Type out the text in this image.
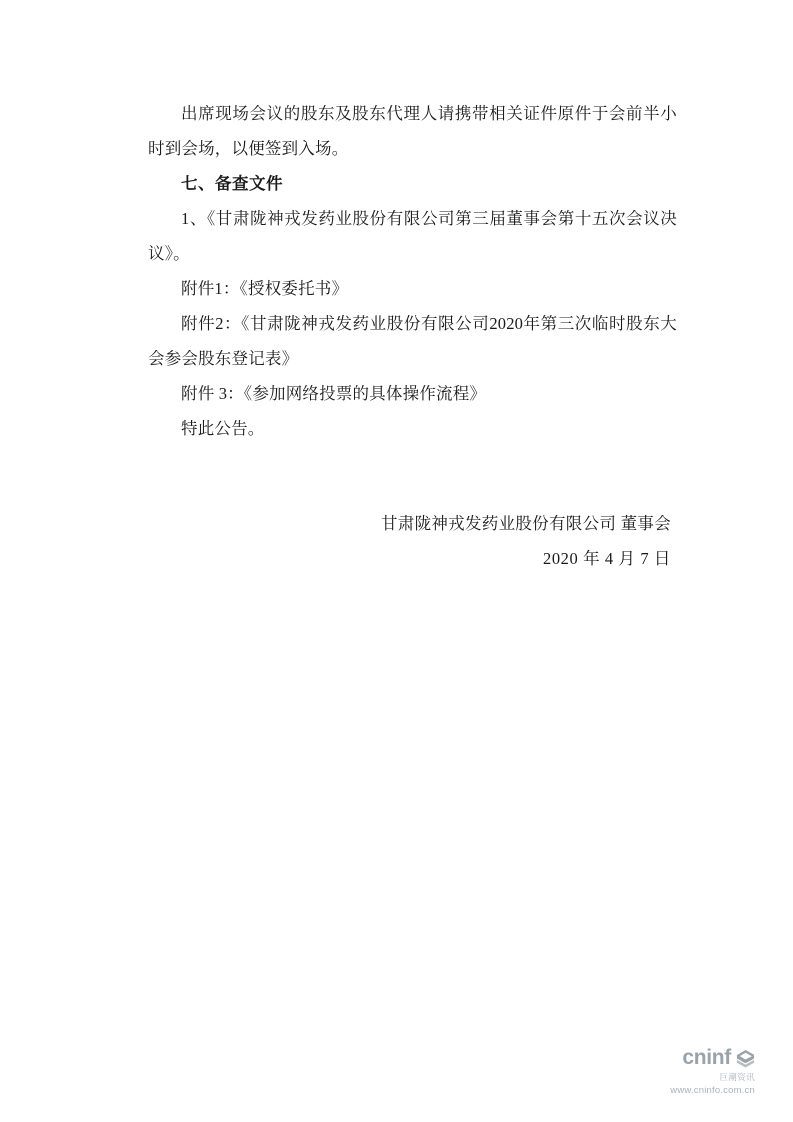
出席现场会议的股东及股东代理人请携带相关证件原件于会前半小时到会场，以便签到入场。

七、备查文件

1、《甘肃陇神戎发药业股份有限公司第三届董事会第十五次会议决议》。

附件1：《授权委托书》

附件2：《甘肃陇神戎发药业股份有限公司2020年第三次临时股东大会参会股东登记表》

附件 3：《参加网络投票的具体操作流程》

特此公告。

甘肃陇神戎发药业股份有限公司 董事会

2020 年 4 月 7 日

cninf
巨潮资讯
www.cninfo.com.cn
